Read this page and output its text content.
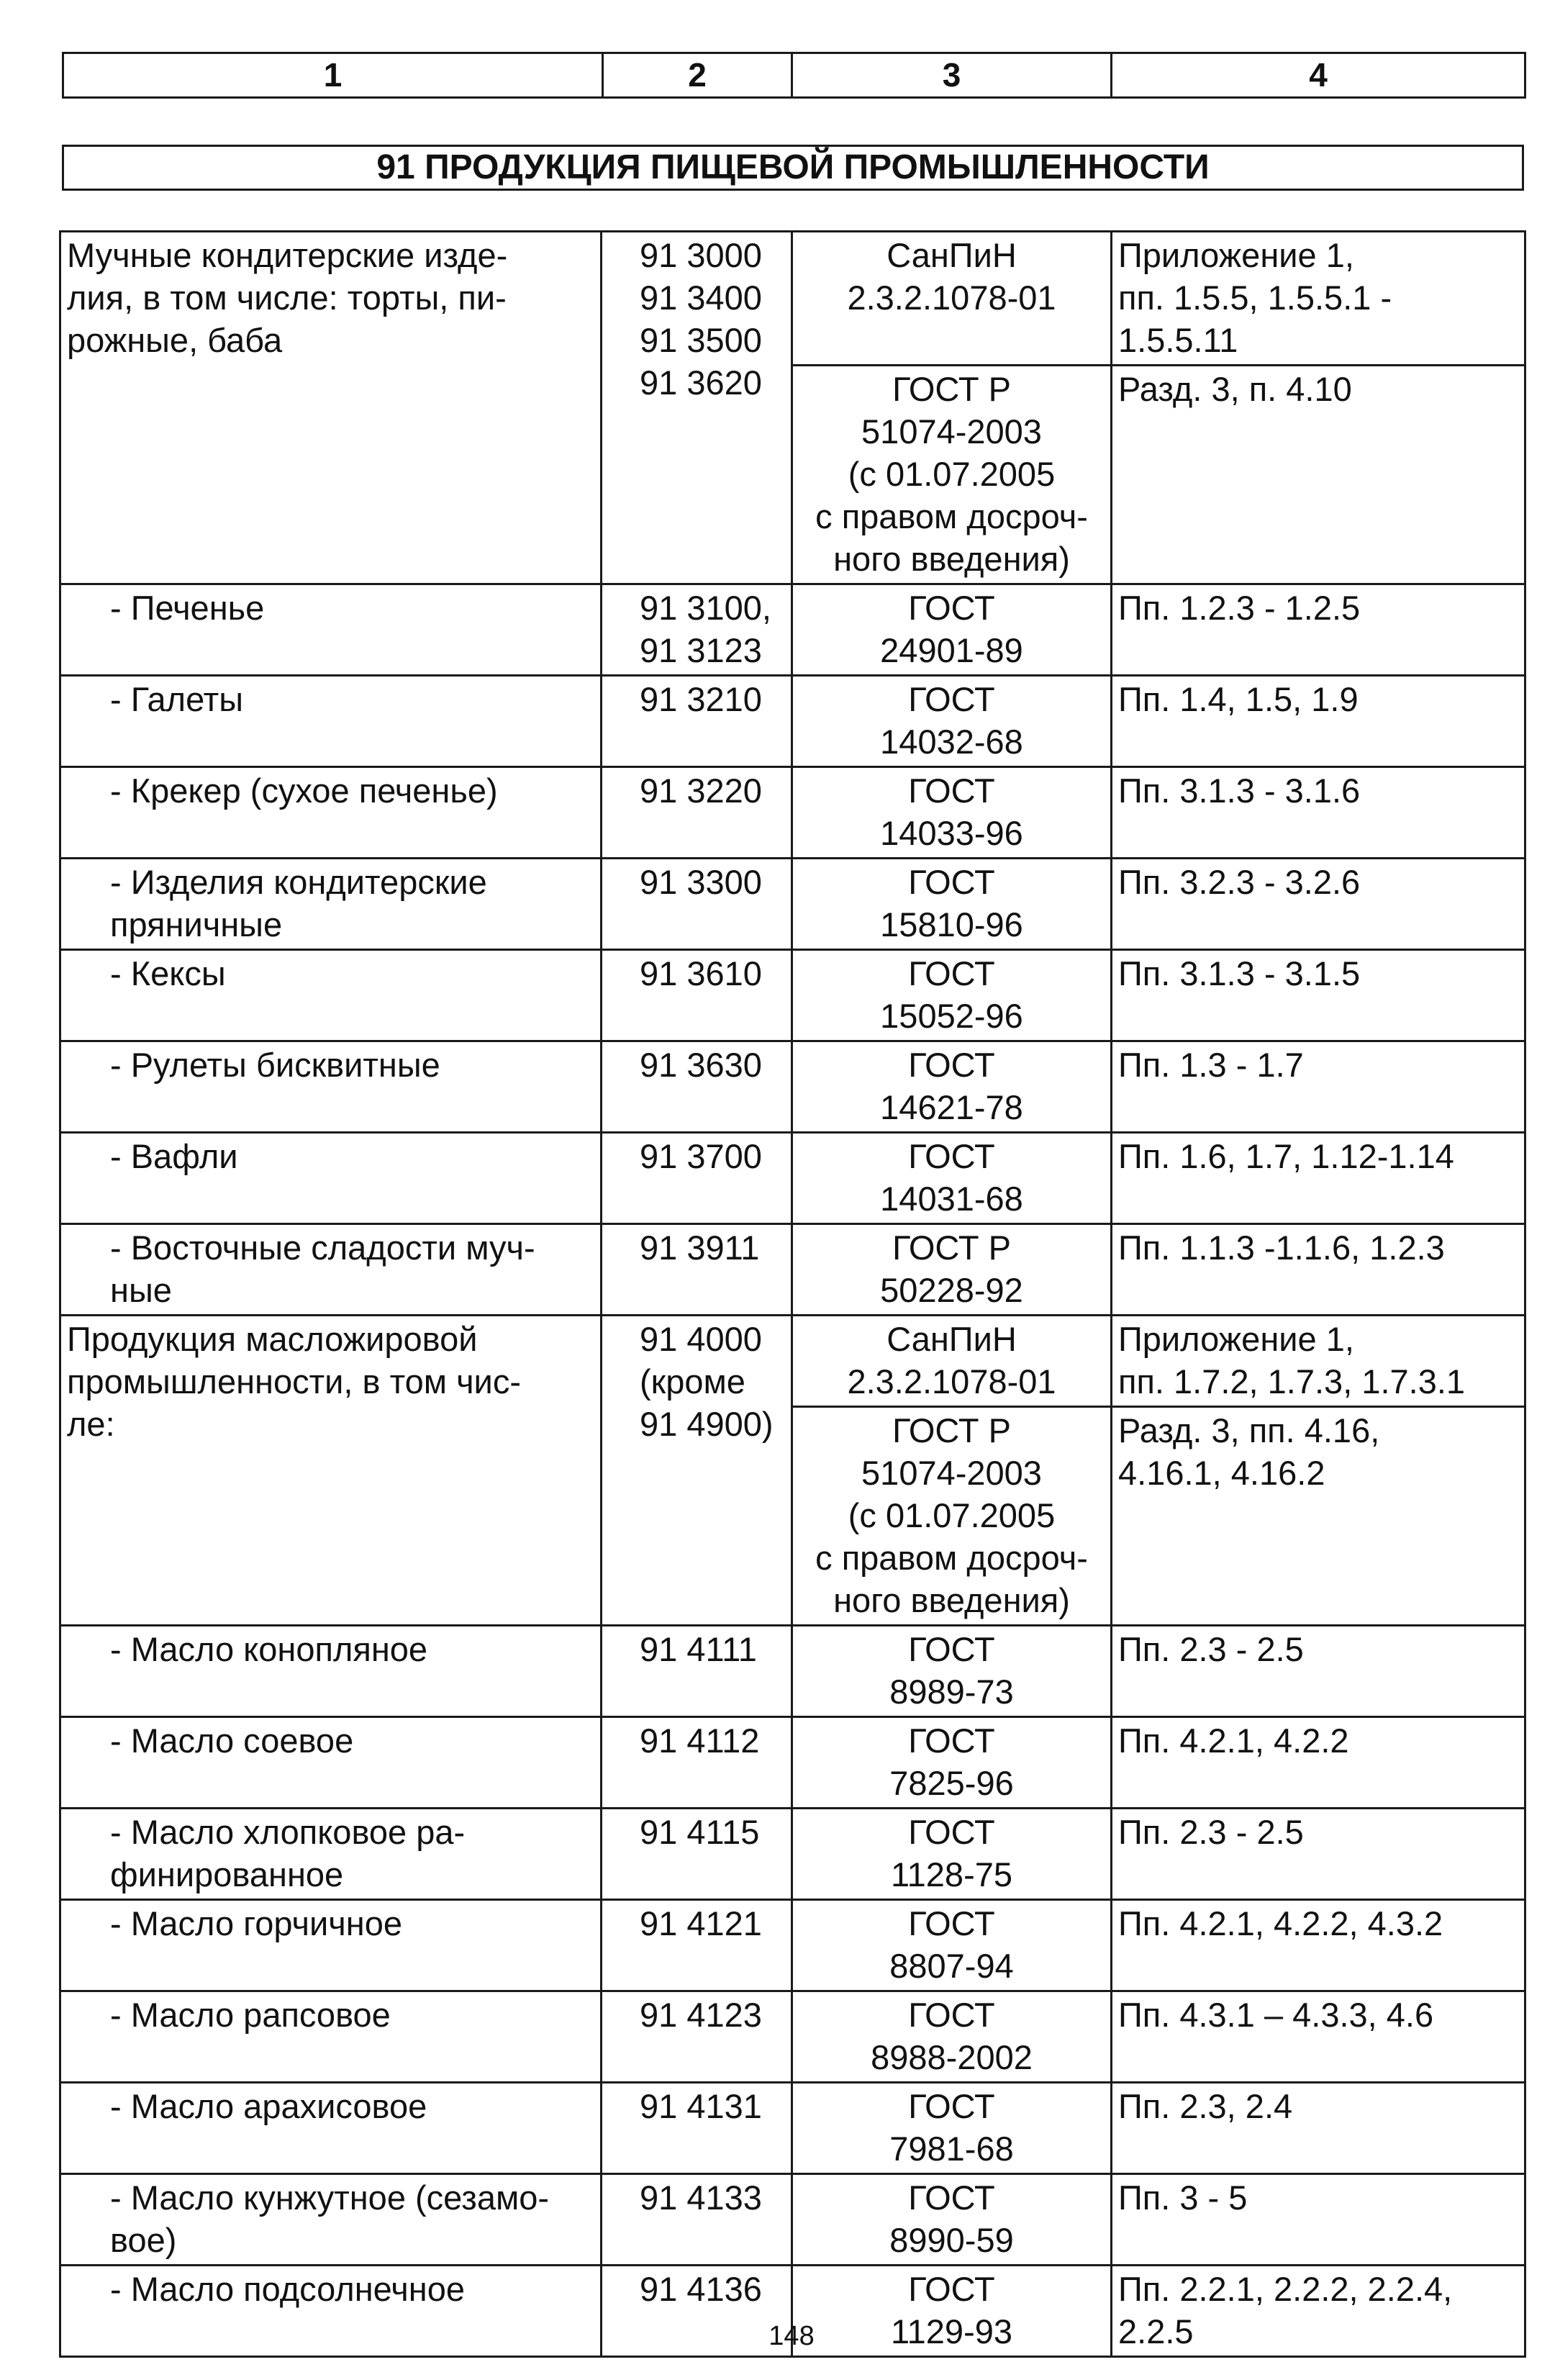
1	2	3	4
91 ПРОДУКЦИЯ ПИЩЕВОЙ ПРОМЫШЛЕННОСТИ
Мучные кондитерские изде-
лия, в том числе: торты, пи-
рожные, баба	91 3000
91 3400
91 3500
91 3620	СанПиН
2.3.2.1078-01	Приложение 1,
пп. 1.5.5, 1.5.5.1 -
1.5.5.11
		ГОСТ Р
51074-2003
(с 01.07.2005
с правом досроч-
ного введения)	Разд. 3, п. 4.10
- Печенье	91 3100,
91 3123	ГОСТ
24901-89	Пп. 1.2.3 - 1.2.5
- Галеты	91 3210	ГОСТ
14032-68	Пп. 1.4, 1.5, 1.9
- Крекер (сухое печенье)	91 3220	ГОСТ
14033-96	Пп. 3.1.3 - 3.1.6
- Изделия кондитерские
пряничные	91 3300	ГОСТ
15810-96	Пп. 3.2.3 - 3.2.6
- Кексы	91 3610	ГОСТ
15052-96	Пп. 3.1.3 - 3.1.5
- Рулеты бисквитные	91 3630	ГОСТ
14621-78	Пп. 1.3 - 1.7
- Вафли	91 3700	ГОСТ
14031-68	Пп. 1.6, 1.7, 1.12-1.14
- Восточные сладости муч-
ные	91 3911	ГОСТ Р
50228-92	Пп. 1.1.3 -1.1.6, 1.2.3
Продукция масложировой
промышленности, в том чис-
ле:	91 4000
(кроме
91 4900)	СанПиН
2.3.2.1078-01	Приложение 1,
пп. 1.7.2, 1.7.3, 1.7.3.1
		ГОСТ Р
51074-2003
(с 01.07.2005
с правом досроч-
ного введения)	Разд. 3, пп. 4.16,
4.16.1, 4.16.2
- Масло конопляное	91 4111	ГОСТ
8989-73	Пп. 2.3 - 2.5
- Масло соевое	91 4112	ГОСТ
7825-96	Пп. 4.2.1, 4.2.2
- Масло хлопковое ра-
финированное	91 4115	ГОСТ
1128-75	Пп. 2.3 - 2.5
- Масло горчичное	91 4121	ГОСТ
8807-94	Пп. 4.2.1, 4.2.2, 4.3.2
- Масло рапсовое	91 4123	ГОСТ
8988-2002	Пп. 4.3.1 – 4.3.3, 4.6
- Масло арахисовое	91 4131	ГОСТ
7981-68	Пп. 2.3, 2.4
- Масло кунжутное (сезамо-
вое)	91 4133	ГОСТ
8990-59	Пп. 3 - 5
- Масло подсолнечное	91 4136	ГОСТ
1129-93	Пп. 2.2.1, 2.2.2, 2.2.4,
2.2.5
148
